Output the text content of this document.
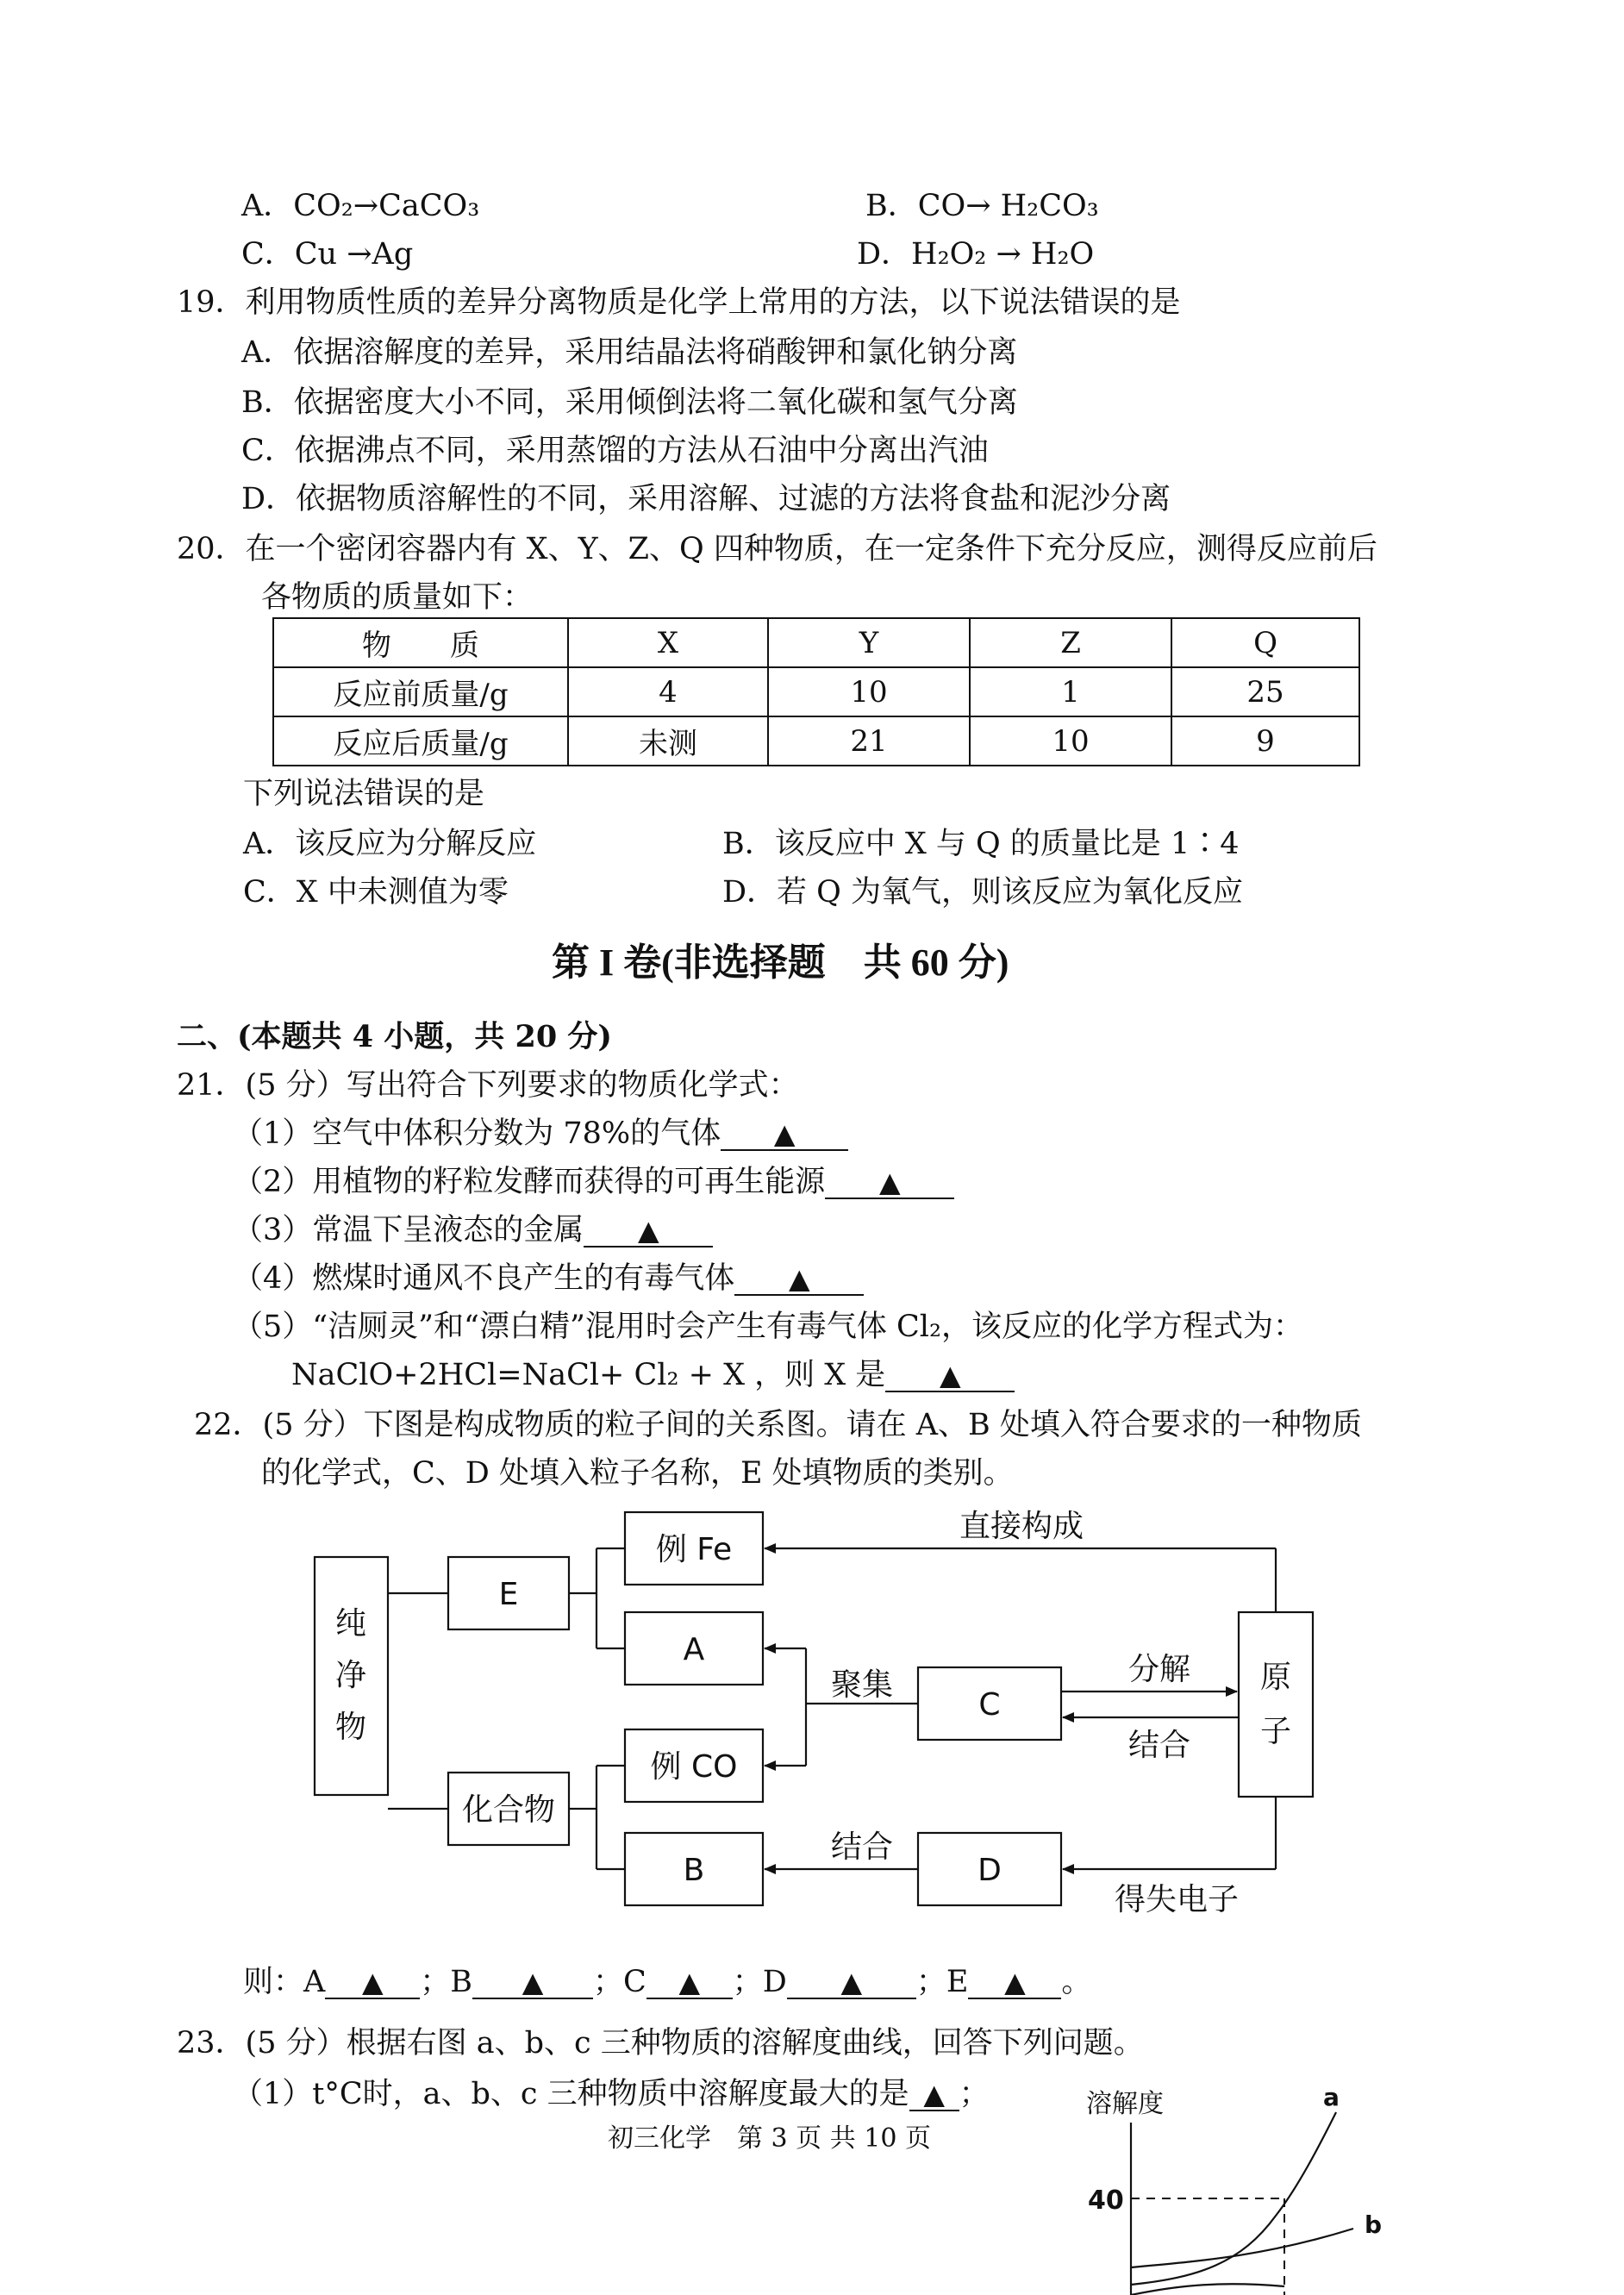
A．CO₂→CaCO₃	B．CO→ H₂CO₃
C．Cu →Ag	D．H₂O₂ → H₂O
19．利用物质性质的差异分离物质是化学上常用的方法，以下说法错误的是
A．依据溶解度的差异，采用结晶法将硝酸钾和氯化钠分离
B．依据密度大小不同，采用倾倒法将二氧化碳和氢气分离
C．依据沸点不同，采用蒸馏的方法从石油中分离出汽油
D．依据物质溶解性的不同，采用溶解、过滤的方法将食盐和泥沙分离
20．在一个密闭容器内有 X、Y、Z、Q 四种物质，在一定条件下充分反应，测得反应前后
各物质的质量如下：
物　　质	X	Y	Z	Q
反应前质量/g	4	10	1	25
反应后质量/g	未测	21	10	9
下列说法错误的是
A．该反应为分解反应	B．该反应中 X 与 Q 的质量比是 1∶4
C．X 中未测值为零	D．若 Q 为氧气，则该反应为氧化反应
第 I 卷(非选择题　共 60 分)
二、(本题共 4 小题，共 20 分)
21．(5 分）写出符合下列要求的物质化学式：
（1）空气中体积分数为 78%的气体 ▲
（2）用植物的籽粒发酵而获得的可再生能源 ▲
（3）常温下呈液态的金属 ▲
（4）燃煤时通风不良产生的有毒气体 ▲
（5）“洁厕灵”和“漂白精”混用时会产生有毒气体 Cl₂，该反应的化学方程式为：
NaClO+2HCl=NaCl+ Cl₂ + X ，则 X 是 ▲
22．(5 分）下图是构成物质的粒子间的关系图。请在 A、B 处填入符合要求的一种物质
的化学式，C、D 处填入粒子名称，E 处填物质的类别。
纯
净
物
E
化合物
例 Fe
A
例 CO
B
C
D
原
子
直接构成
聚集	分解
结合
结合
得失电子
则：A ▲ ；B ▲ ；C ▲ ；D ▲ ；E ▲ 。
23．(5 分）根据右图 a、b、c 三种物质的溶解度曲线，回答下列问题。
（1）t°C时，a、b、c 三种物质中溶解度最大的是 ▲ ；	溶解度
40
a
b
初三化学　第 3 页 共 10 页
